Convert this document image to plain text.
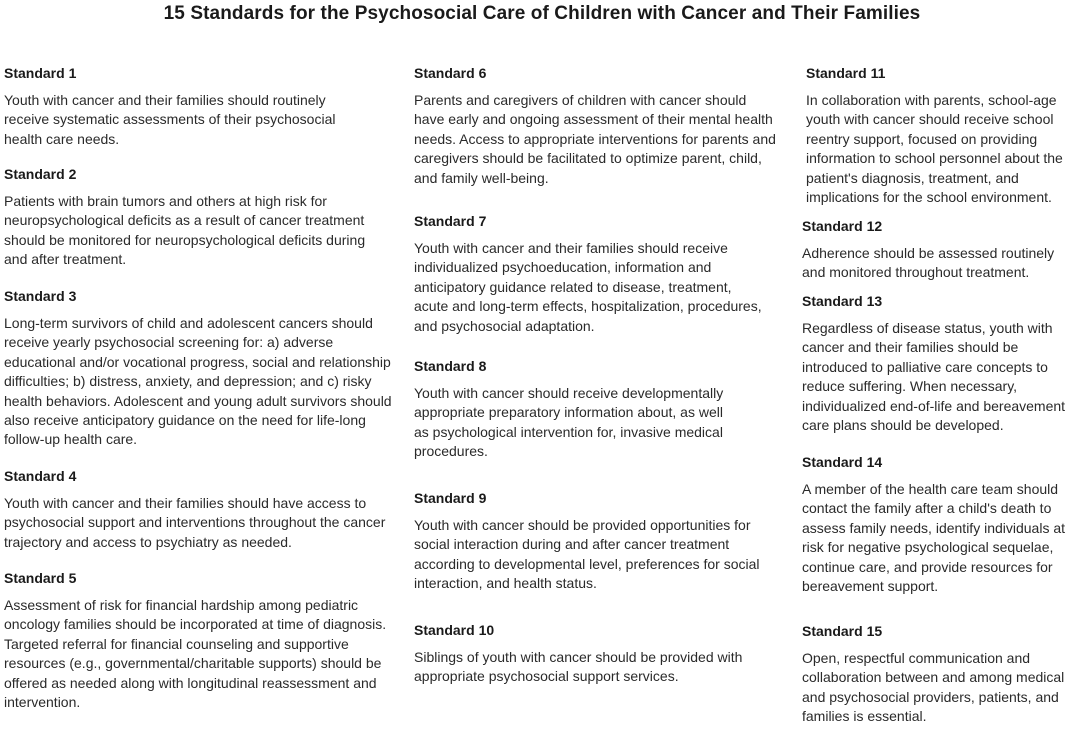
15 Standards for the Psychosocial Care of Children with Cancer and Their Families
Standard 1
Youth with cancer and their families should routinely receive systematic assessments of their psychosocial health care needs.
Standard 2
Patients with brain tumors and others at high risk for neuropsychological deficits as a result of cancer treatment should be monitored for neuropsychological deficits during and after treatment.
Standard 3
Long-term survivors of child and adolescent cancers should receive yearly psychosocial screening for: a) adverse educational and/or vocational progress, social and relationship difficulties; b) distress, anxiety, and depression; and c) risky health behaviors. Adolescent and young adult survivors should also receive anticipatory guidance on the need for life-long follow-up health care.
Standard 4
Youth with cancer and their families should have access to psychosocial support and interventions throughout the cancer trajectory and access to psychiatry as needed.
Standard 5
Assessment of risk for financial hardship among pediatric oncology families should be incorporated at time of diagnosis. Targeted referral for financial counseling and supportive resources (e.g., governmental/charitable supports) should be offered as needed along with longitudinal reassessment and intervention.
Standard 6
Parents and caregivers of children with cancer should have early and ongoing assessment of their mental health needs. Access to appropriate interventions for parents and caregivers should be facilitated to optimize parent, child, and family well-being.
Standard 7
Youth with cancer and their families should receive individualized psychoeducation, information and anticipatory guidance related to disease, treatment, acute and long-term effects, hospitalization, procedures, and psychosocial adaptation.
Standard 8
Youth with cancer should receive developmentally appropriate preparatory information about, as well as psychological intervention for, invasive medical procedures.
Standard 9
Youth with cancer should be provided opportunities for social interaction during and after cancer treatment according to developmental level, preferences for social interaction, and health status.
Standard 10
Siblings of youth with cancer should be provided with appropriate psychosocial support services.
Standard 11
In collaboration with parents, school-age youth with cancer should receive school reentry support, focused on providing information to school personnel about the patient's diagnosis, treatment, and implications for the school environment.
Standard 12
Adherence should be assessed routinely and monitored throughout treatment.
Standard 13
Regardless of disease status, youth with cancer and their families should be introduced to palliative care concepts to reduce suffering. When necessary, individualized end-of-life and bereavement care plans should be developed.
Standard 14
A member of the health care team should contact the family after a child's death to assess family needs, identify individuals at risk for negative psychological sequelae, continue care, and provide resources for bereavement support.
Standard 15
Open, respectful communication and collaboration between and among medical and psychosocial providers, patients, and families is essential.
